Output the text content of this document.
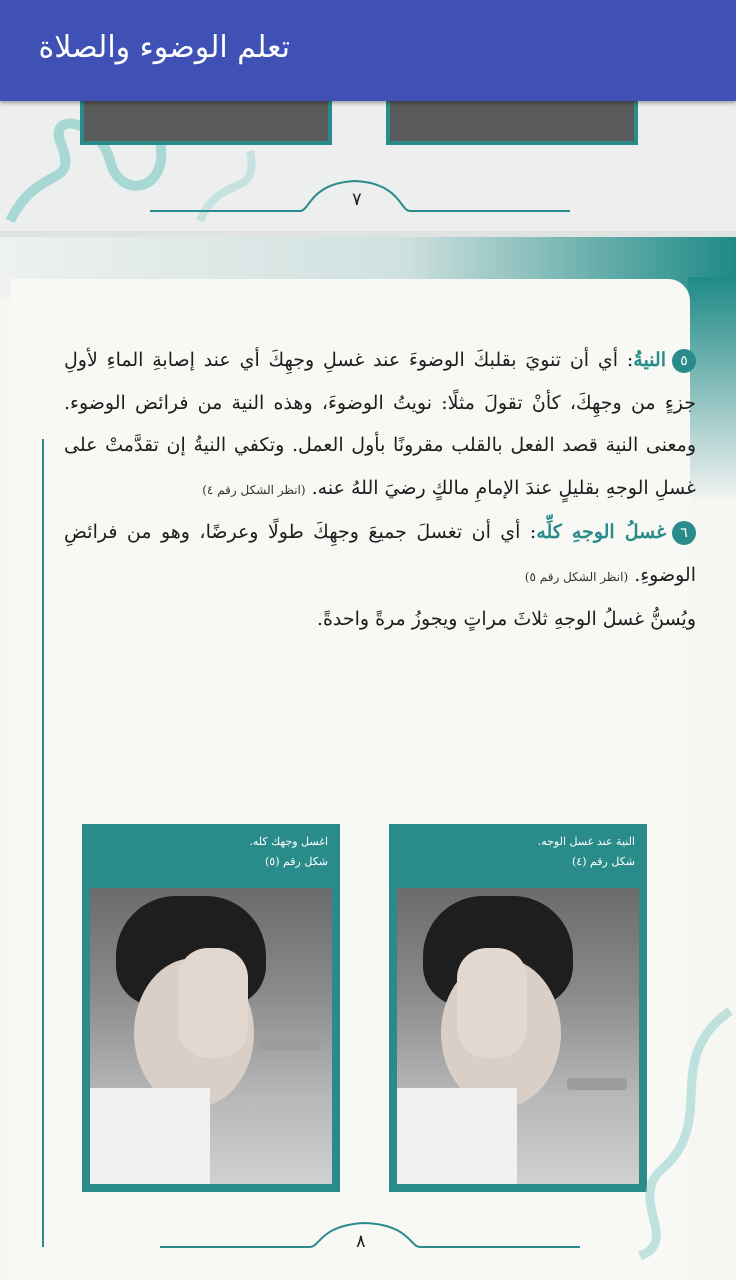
تعلم الوضوء والصلاة
٧

٥النيةُ: أي أن تنويَ بقلبكَ الوضوءَ عند غسلِ وجهِكَ أي عند إصابةِ الماءِ لأولِ جزءٍ من وجهِكَ، كأنْ تقولَ مثلًا: نويتُ الوضوءَ، وهذه النية من فرائض الوضوء. ومعنى النية قصد الفعل بالقلب مقرونًا بأول العمل. وتكفي النيةُ إن تقدَّمتْ على غسلِ الوجهِ بقليلٍ عندَ الإمامِ مالكٍ رضيَ اللهُ عنه. (انظر الشكل رقم ٤)

٦غسلُ الوجهِ كلِّه: أي أن تغسلَ جميعَ وجهِكَ طولًا وعرضًا، وهو من فرائضِ الوضوءِ. (انظر الشكل رقم ٥)

ويُسنُّ غسلُ الوجهِ ثلاثَ مراتٍ ويجوزُ مرةً واحدةً.

اغسل وجهك كله.
شكل رقم (٥)
النية عند غسل الوجه.
شكل رقم (٤)
٨
